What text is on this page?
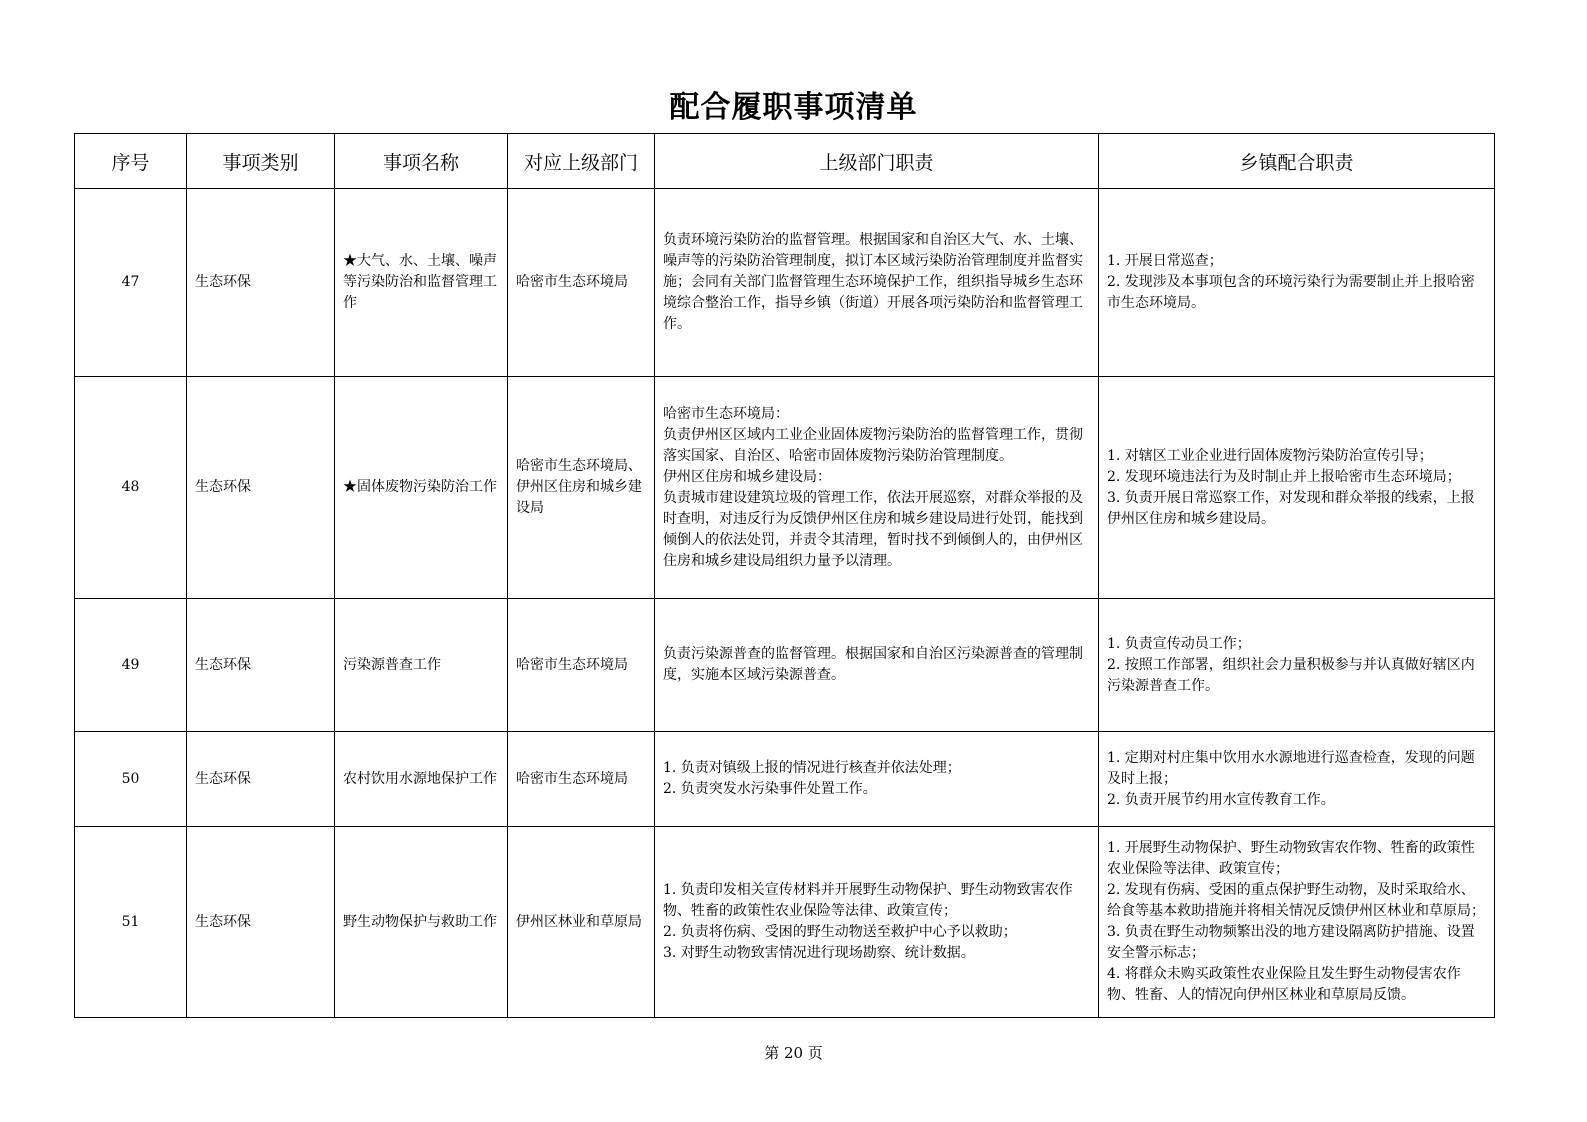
配合履职事项清单
序号	事项类别	事项名称	对应上级部门	上级部门职责	乡镇配合职责
47	生态环保	★大气、水、土壤、噪声等污染防治和监督管理工作	哈密市生态环境局	负责环境污染防治的监督管理。根据国家和自治区大气、水、土壤、噪声等的污染防治管理制度，拟订本区域污染防治管理制度并监督实施；会同有关部门监督管理生态环境保护工作，组织指导城乡生态环境综合整治工作，指导乡镇（街道）开展各项污染防治和监督管理工作。	1. 开展日常巡查；
2. 发现涉及本事项包含的环境污染行为需要制止并上报哈密市生态环境局。
48	生态环保	★固体废物污染防治工作	哈密市生态环境局、伊州区住房和城乡建设局	哈密市生态环境局：
负责伊州区区域内工业企业固体废物污染防治的监督管理工作，贯彻落实国家、自治区、哈密市固体废物污染防治管理制度。
伊州区住房和城乡建设局：
负责城市建设建筑垃圾的管理工作，依法开展巡察，对群众举报的及时查明，对违反行为反馈伊州区住房和城乡建设局进行处罚，能找到倾倒人的依法处罚，并责令其清理，暂时找不到倾倒人的，由伊州区住房和城乡建设局组织力量予以清理。	1. 对辖区工业企业进行固体废物污染防治宣传引导；
2. 发现环境违法行为及时制止并上报哈密市生态环境局；
3. 负责开展日常巡察工作，对发现和群众举报的线索，上报伊州区住房和城乡建设局。
49	生态环保	污染源普查工作	哈密市生态环境局	负责污染源普查的监督管理。根据国家和自治区污染源普查的管理制度，实施本区域污染源普查。	1. 负责宣传动员工作；
2. 按照工作部署，组织社会力量积极参与并认真做好辖区内污染源普查工作。
50	生态环保	农村饮用水源地保护工作	哈密市生态环境局	1. 负责对镇级上报的情况进行核查并依法处理；
2. 负责突发水污染事件处置工作。	1. 定期对村庄集中饮用水水源地进行巡查检查，发现的问题及时上报；
2. 负责开展节约用水宣传教育工作。
51	生态环保	野生动物保护与救助工作	伊州区林业和草原局	1. 负责印发相关宣传材料并开展野生动物保护、野生动物致害农作物、牲畜的政策性农业保险等法律、政策宣传；
2. 负责将伤病、受困的野生动物送至救护中心予以救助；
3. 对野生动物致害情况进行现场勘察、统计数据。	1. 开展野生动物保护、野生动物致害农作物、牲畜的政策性农业保险等法律、政策宣传；
2. 发现有伤病、受困的重点保护野生动物，及时采取给水、给食等基本救助措施并将相关情况反馈伊州区林业和草原局；
3. 负责在野生动物频繁出没的地方建设隔离防护措施、设置安全警示标志；
4. 将群众未购买政策性农业保险且发生野生动物侵害农作物、牲畜、人的情况向伊州区林业和草原局反馈。
第 20 页
